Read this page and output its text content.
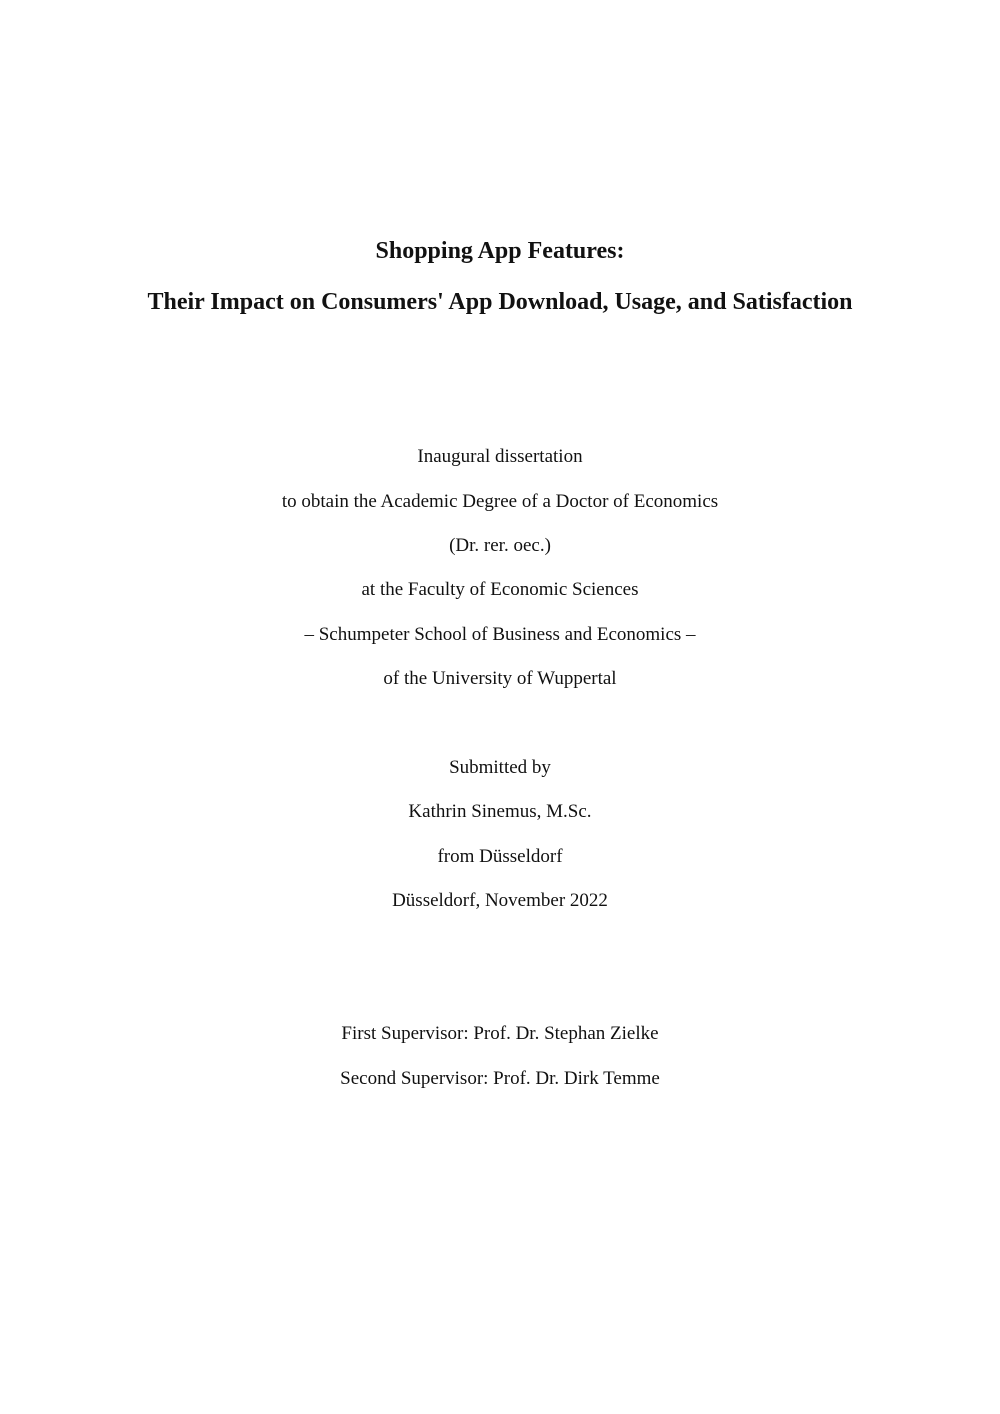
Shopping App Features:
Their Impact on Consumers' App Download, Usage, and Satisfaction
Inaugural dissertation
to obtain the Academic Degree of a Doctor of Economics
(Dr. rer. oec.)
at the Faculty of Economic Sciences
– Schumpeter School of Business and Economics –
of the University of Wuppertal
Submitted by
Kathrin Sinemus, M.Sc.
from Düsseldorf
Düsseldorf, November 2022
First Supervisor: Prof. Dr. Stephan Zielke
Second Supervisor: Prof. Dr. Dirk Temme
